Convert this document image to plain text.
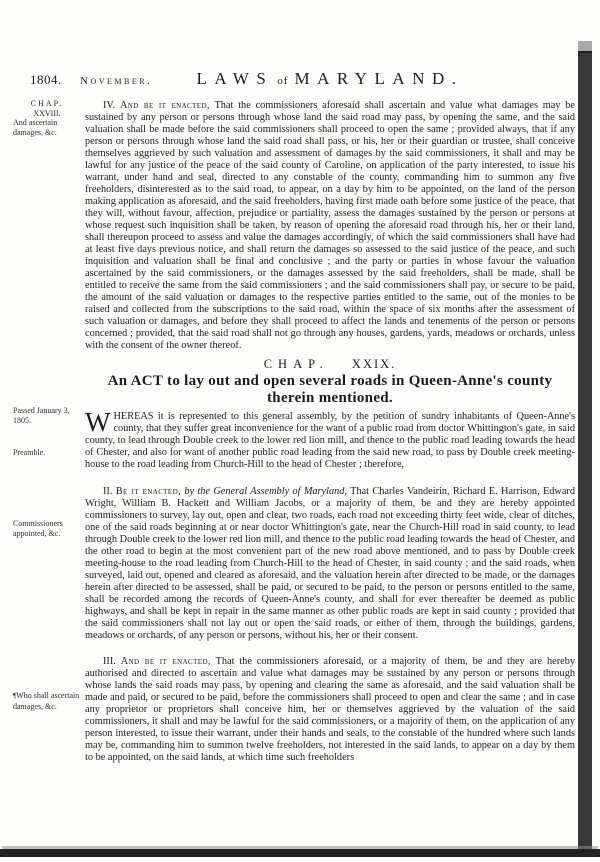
1804. November.	LAWS of MARYLAND.
CHAP.
XXVIII.
And ascertain damages, &c.
Passed January 3, 1805.
Preamble.
Commissioners appointed, &c.
¶Who shall ascertain damages, &c.

IV. And be it enacted, That the commissioners aforesaid shall ascertain and value what damages may be sustained by any person or persons through whose land the said road may pass, by opening the same, and the said valuation shall be made before the said commissioners shall proceed to open the same ; provided always, that if any person or persons through whose land the said road shall pass, or his, her or their guardian or trustee, shall conceive themselves aggrieved by such valuation and assessment of damages by the said commissioners, it shall and may be lawful for any justice of the peace of the said county of Caroline, on application of the party interested, to issue his warrant, under hand and seal, directed to any constable of the county, commanding him to summon any five freeholders, disinterested as to the said road, to appear, on a day by him to be appointed, on the land of the person making application as aforesaid, and the said freeholders, having first made oath before some justice of the peace, that they will, without favour, affection, prejudice or partiality, assess the damages sustained by the person or persons at whose request such inquisition shall be taken, by reason of opening the aforesaid road through his, her or their land, shall thereupon proceed to assess and value the damages accordingly, of which the said commissioners shall have had at least five days previous notice, and shall return the damages so assessed to the said justice of the peace, and such inquisition and valuation shall be final and conclusive ; and the party or parties in whose favour the valuation ascertained by the said commissioners, or the damages assessed by the said freeholders, shall be made, shall be entitled to receive the same from the said commissioners ; and the said commissioners shall pay, or secure to be paid, the amount of the said valuation or damages to the respective parties entitled to the same, out of the monies to be raised and collected from the subscriptions to the said road, within the space of six months after the assessment of such valuation or damages, and before they shall proceed to affect the lands and tenements of the person or persons concerned ; provided, that the said road shall not go through any houses, gardens, yards, meadows or orchards, unless with the consent of the owner thereof.

CHAP. XXIX.
An ACT to lay out and open several roads in Queen-Anne's county
therein mentioned.

WHEREAS it is represented to this general assembly, by the petition of sundry inhabitants of Queen-Anne's county, that they suffer great inconvenience for the want of a public road from doctor Whittington's gate, in said county, to lead through Double creek to the lower red lion mill, and thence to the public road leading towards the head of Chester, and also for want of another public road leading from the said new road, to pass by Double creek meeting-house to the road leading from Church-Hill to the head of Chester ; therefore,

II. Be it enacted, by the General Assembly of Maryland, That Charles Vandeirin, Richard E. Harrison, Edward Wright, William B. Hackett and William Jacobs, or a majority of them, be and they are hereby appointed commissioners to survey, lay out, open and clear, two roads, each road not exceeding thirty feet wide, clear of ditches, one of the said roads beginning at or near doctor Whittington's gate, near the Church-Hill road in said county, to lead through Double creek to the lower red lion mill, and thence to the public road leading towards the head of Chester, and the other road to begin at the most convenient part of the new road above mentioned, and to pass by Double creek meeting-house to the road leading from Church-Hill to the head of Chester, in said county ; and the said roads, when surveyed, laid out, opened and cleared as aforesaid, and the valuation herein after directed to be made, or the damages herein after directed to be assessed, shall be paid, or secured to be paid, to the person or persons entitled to the same, shall be recorded among the records of Queen-Anne's county, and shall for ever thereafter be deemed as public highways, and shall be kept in repair in the same manner as other public roads are kept in said county ; provided that the said commissioners shall not lay out or open the said roads, or either of them, through the buildings, gardens, meadows or orchards, of any person or persons, without his, her or their consent.

III. And be it enacted, That the commissioners aforesaid, or a majority of them, be and they are hereby authorised and directed to ascertain and value what damages may be sustained by any person or persons through whose lands the said roads may pass, by opening and clearing the same as aforesaid, and the said valuation shall be made and paid, or secured to be paid, before the commissioners shall proceed to open and clear the same ; and in case any proprietor or proprietors shall conceive him, her or themselves aggrieved by the valuation of the said commissioners, it shall and may be lawful for the said commissioners, or a majority of them, on the application of any person interested, to issue their warrant, under their hands and seals, to the constable of the hundred where such lands may be, commanding him to summon twelve freeholders, not interested in the said lands, to appear on a day by them to be appointed, on the said lands, at which time such freeholders
